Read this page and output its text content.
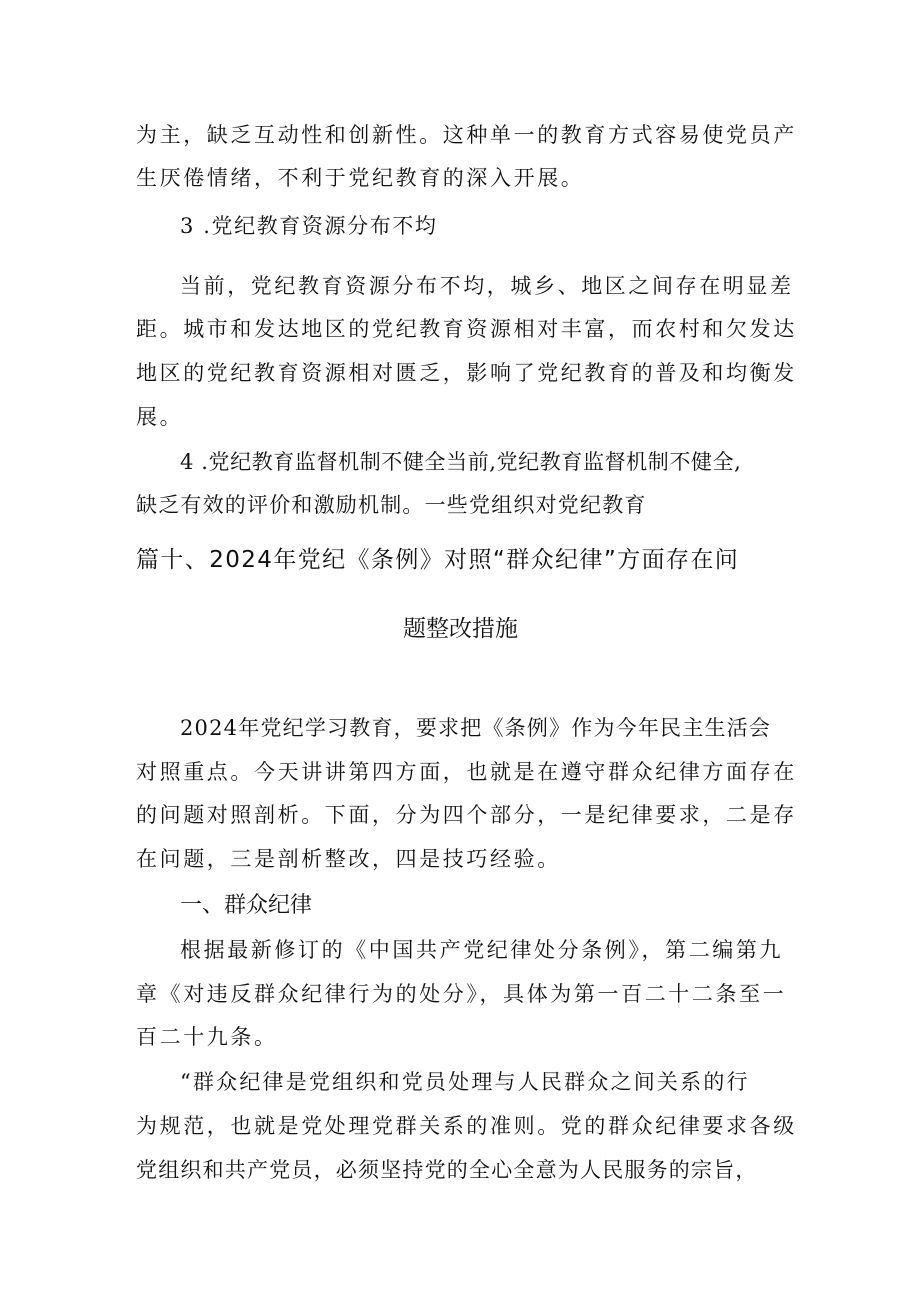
为主，缺乏互动性和创新性。这种单一的教育方式容易使党员产
生厌倦情绪，不利于党纪教育的深入开展。
3 .党纪教育资源分布不均
当前，党纪教育资源分布不均，城乡、地区之间存在明显差
距。城市和发达地区的党纪教育资源相对丰富，而农村和欠发达
地区的党纪教育资源相对匮乏，影响了党纪教育的普及和均衡发
展。
4 .党纪教育监督机制不健全当前,党纪教育监督机制不健全,
缺乏有效的评价和激励机制。一些党组织对党纪教育
篇十、2024年党纪《条例》对照“群众纪律”方面存在问
题整改措施
2024年党纪学习教育，要求把《条例》作为今年民主生活会
对照重点。今天讲讲第四方面，也就是在遵守群众纪律方面存在
的问题对照剖析。下面，分为四个部分，一是纪律要求，二是存
在问题，三是剖析整改，四是技巧经验。
一、群众纪律
根据最新修订的《中国共产党纪律处分条例》，第二编第九
章《对违反群众纪律行为的处分》，具体为第一百二十二条至一
百二十九条。
“群众纪律是党组织和党员处理与人民群众之间关系的行
为规范，也就是党处理党群关系的准则。党的群众纪律要求各级
党组织和共产党员，必须坚持党的全心全意为人民服务的宗旨，
